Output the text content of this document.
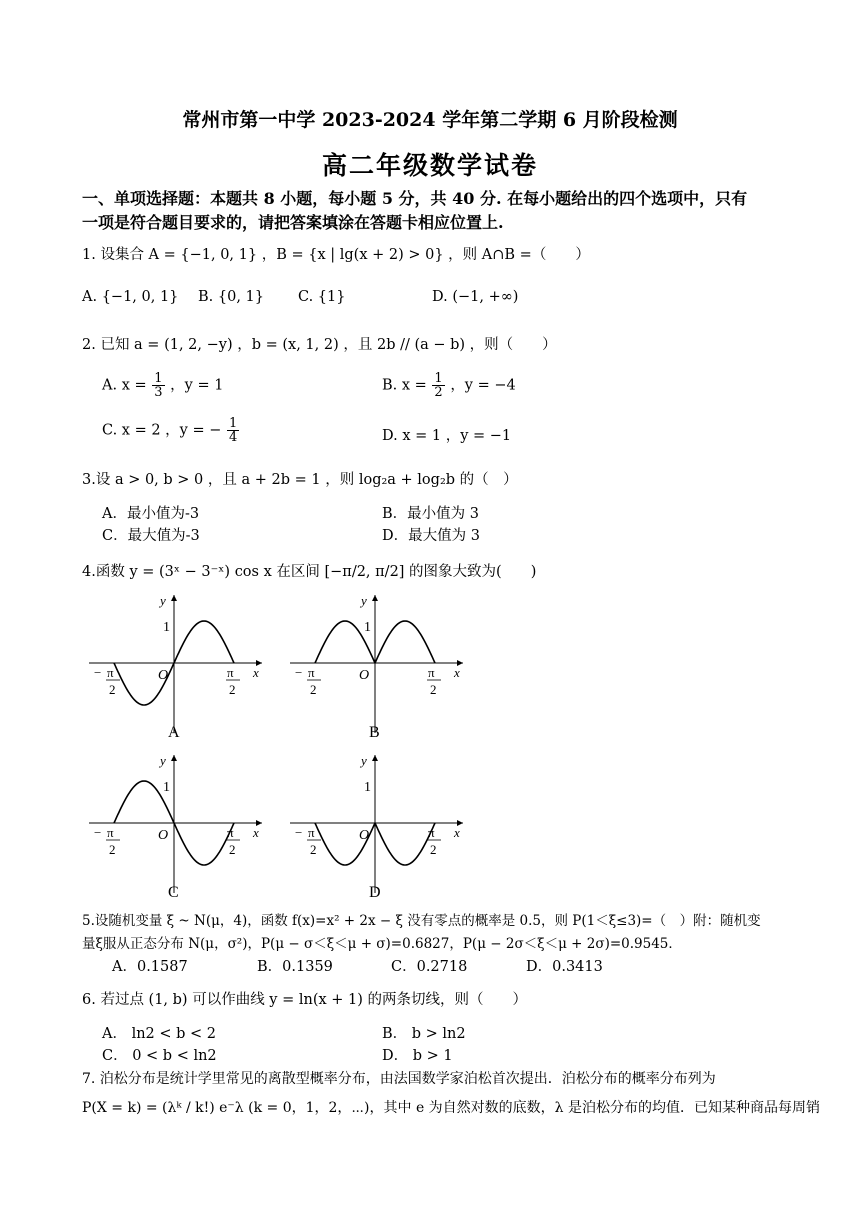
常州市第一中学 2023-2024 学年第二学期 6 月阶段检测
高二年级数学试卷
一、单项选择题：本题共 8 小题，每小题 5 分，共 40 分. 在每小题给出的四个选项中，只有
一项是符合题目要求的，请把答案填涂在答题卡相应位置上.
1. 设集合 A = {−1, 0, 1} ，B = {x | lg(x + 2) > 0} ，则 A∩B =（　　）
A. {−1, 0, 1} B. {0, 1} C. {1}	D. (−1, +∞)
2. 已知 a = (1, 2, −y) ，b = (x, 1, 2) ，且 2b // (a − b) ，则（　　）
A. $x = \frac{1}{3}$ ，y = 1	B. $x = \frac{1}{2}$ ，y = −4
C. x = 2 ，y = − $\frac{1}{4}$	D. x = 1 ，y = −1
3.设 a > 0, b > 0 ，且 a + 2b = 1 ，则 log₂a + log₂b 的（　）
A．最小值为-3	B．最小值为 3
C．最大值为-3	D．最大值为 3
4.函数 y = (3ˣ − 3⁻ˣ) cos x 在区间 [−π/2, π/2] 的图象大致为(　　)
y
x
O
1
− π
2
π
2
y
x
O
1
− π
2
π
2
y
x
O
1
− π
2
π
2
y
x
O
1
− π
2
π
2
A	B
C	D
5.设随机变量 ξ ~ N(μ，4)，函数 f(x)=x² + 2x − ξ 没有零点的概率是 0.5，则 P(1＜ξ≤3)=（　）附：随机变
量ξ服从正态分布 N(μ，σ²)，P(μ − σ＜ξ＜μ + σ)=0.6827，P(μ − 2σ＜ξ＜μ + 2σ)=0.9545．
A．0.1587	B．0.1359	C．0.2718	D．0.3413
6. 若过点 (1, b) 可以作曲线 y = ln(x + 1) 的两条切线，则（　　）
A． ln2 < b < 2	B． b > ln2
C． 0 < b < ln2	D． b > 1
7. 泊松分布是统计学里常见的离散型概率分布，由法国数学家泊松首次提出．泊松分布的概率分布列为
P(X = k) = (λᵏ / k!) e⁻λ (k = 0，1，2，⋯)，其中 e 为自然对数的底数，λ 是泊松分布的均值．已知某种商品每周销
